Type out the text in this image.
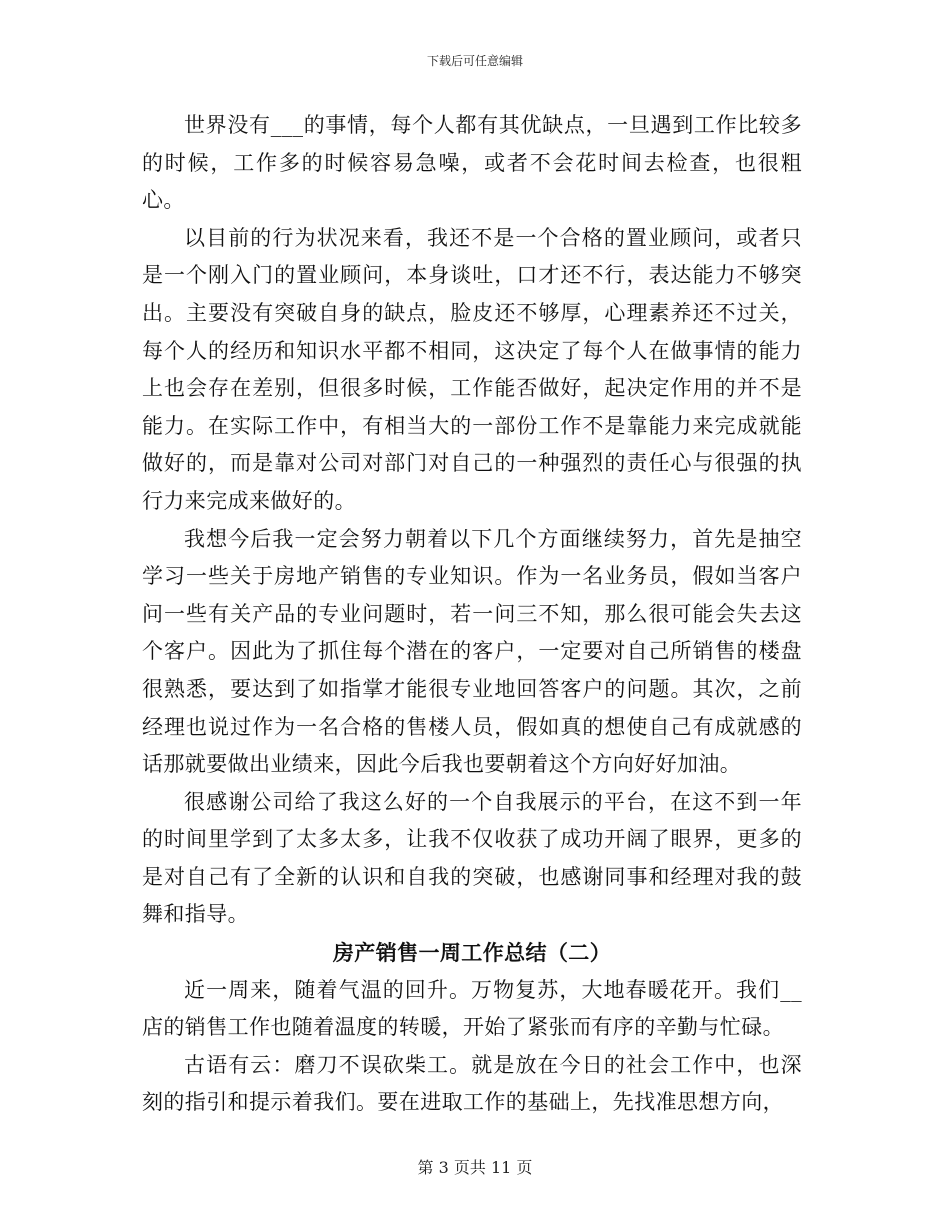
下载后可任意编辑

世界没有___的事情，每个人都有其优缺点，一旦遇到工作比较多的时候，工作多的时候容易急噪，或者不会花时间去检查，也很粗心。

以目前的行为状况来看，我还不是一个合格的置业顾问，或者只是一个刚入门的置业顾问，本身谈吐，口才还不行，表达能力不够突出。主要没有突破自身的缺点，脸皮还不够厚，心理素养还不过关，每个人的经历和知识水平都不相同，这决定了每个人在做事情的能力上也会存在差别，但很多时候，工作能否做好，起决定作用的并不是能力。在实际工作中，有相当大的一部份工作不是靠能力来完成就能做好的，而是靠对公司对部门对自己的一种强烈的责任心与很强的执行力来完成来做好的。

我想今后我一定会努力朝着以下几个方面继续努力，首先是抽空学习一些关于房地产销售的专业知识。作为一名业务员，假如当客户问一些有关产品的专业问题时，若一问三不知，那么很可能会失去这个客户。因此为了抓住每个潜在的客户，一定要对自己所销售的楼盘很熟悉，要达到了如指掌才能很专业地回答客户的问题。其次，之前经理也说过作为一名合格的售楼人员，假如真的想使自己有成就感的话那就要做出业绩来，因此今后我也要朝着这个方向好好加油。

很感谢公司给了我这么好的一个自我展示的平台，在这不到一年的时间里学到了太多太多，让我不仅收获了成功开阔了眼界，更多的是对自己有了全新的认识和自我的突破，也感谢同事和经理对我的鼓舞和指导。

房产销售一周工作总结（二）

近一周来，随着气温的回升。万物复苏，大地春暖花开。我们__店的销售工作也随着温度的转暖，开始了紧张而有序的辛勤与忙碌。

古语有云：磨刀不误砍柴工。就是放在今日的社会工作中，也深刻的指引和提示着我们。要在进取工作的基础上，先找准思想方向，

第 3 页共 11 页
